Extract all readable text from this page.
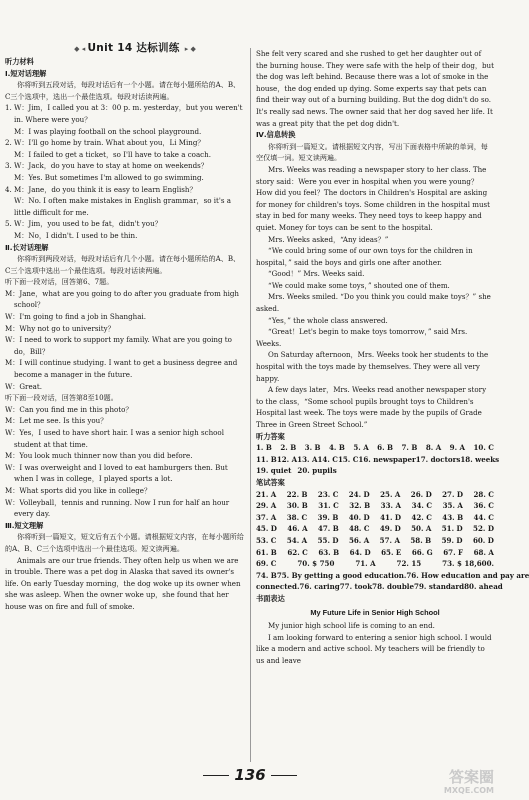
◆ ◂ Unit 14 达标训练 ▸ ◆

听力材料

Ⅰ.短对话理解

你将听到五段对话，每段对话后有一个小题。请在每小题所给的A、B、C三个选项中，选出一个最佳选项。每段对话读两遍。

1. W：Jim，I called you at 3：00 p. m. yesterday，but you weren't in. Where were you？

M：I was playing football on the school playground.

2. W：I'll go home by train. What about you，Li Ming？

M：I failed to get a ticket，so I'll have to take a coach.

3. W：Jack，do you have to stay at home on weekends？

M：Yes. But sometimes I'm allowed to go swimming.

4. M：Jane，do you think it is easy to learn English？

W：No. I often make mistakes in English grammar，so it's a little difficult for me.

5. W：Jim，you used to be fat，didn't you？

M：No，I didn't. I used to be thin.

Ⅱ.长对话理解

你将听到两段对话，每段对话后有几个小题。请在每小题所给的A、B、C三个选项中选出一个最佳选项。每段对话读两遍。

听下面一段对话，回答第6、7题。

M：Jane，what are you going to do after you graduate from high school？

W：I'm going to find a job in Shanghai.

M：Why not go to university？

W：I need to work to support my family. What are you going to do，Bill？

M：I will continue studying. I want to get a business degree and become a manager in the future.

W：Great.

听下面一段对话，回答第8至10题。

W：Can you find me in this photo？

M：Let me see. Is this you？

W：Yes，I used to have short hair. I was a senior high school student at that time.

M：You look much thinner now than you did before.

W：I was overweight and I loved to eat hamburgers then. But when I was in college，I played sports a lot.

M：What sports did you like in college？

W：Volleyball，tennis and running. Now I run for half an hour every day.

Ⅲ.短文理解

你将听到一篇短文，短文后有五个小题。请根据短文内容，在每小题所给的A、B、C三个选项中选出一个最佳选项。短文读两遍。

Animals are our true friends. They often help us when we are in trouble. There was a pet dog in Alaska that saved its owner's life. On early Tuesday morning，the dog woke up its owner when she was asleep. When the owner woke up，she found that her house was on fire and full of smoke.

She felt very scared and she rushed to get her daughter out of the burning house. They were safe with the help of their dog，but the dog was left behind. Because there was a lot of smoke in the house，the dog ended up dying. Some experts say that pets can find their way out of a burning building. But the dog didn't do so. It's really sad news. The owner said that her dog saved her life. It was a great pity that the pet dog didn't.

Ⅳ.信息转换

你将听到一篇短文。请根据短文内容，写出下面表格中所缺的单词，每空仅填一词。短文读两遍。

Mrs. Weeks was reading a newspaper story to her class. The story said：Were you ever in hospital when you were young？How did you feel？The doctors in Children's Hospital are asking for money for children's toys. Some children in the hospital must stay in bed for many weeks. They need toys to keep happy and quiet. Money for toys can be sent to the hospital.

Mrs. Weeks asked，“Any ideas？”

“We could bring some of our own toys for the children in hospital，” said the boys and girls one after another.

“Good！” Mrs. Weeks said.

“We could make some toys，” shouted one of them.

Mrs. Weeks smiled. “Do you think you could make toys？” she asked.

“Yes，” the whole class answered.

“Great！Let's begin to make toys tomorrow，” said Mrs. Weeks.

On Saturday afternoon，Mrs. Weeks took her students to the hospital with the toys made by themselves. They were all very happy.

A few days later，Mrs. Weeks read another newspaper story to the class，“Some school pupils brought toys to Children's Hospital last week. The toys were made by the pupils of Grade Three in Green Street School.”

听力答案

1. B 2. B 3. B 4. B 5. A 6. B 7. B 8. A 9. A 10. C
11. B 12. A 13. A 14. C 15. C 16. newspaper 17. doctors 18. weeks
19. quiet 20. pupils

笔试答案

21. A 22. B 23. C 24. D 25. A 26. D 27. D 28. C
29. A 30. B 31. C 32. B 33. A 34. C 35. A 36. C
37. A 38. C 39. B 40. D 41. D 42. C 43. B 44. C
45. D 46. A 47. B 48. C 49. D 50. A 51. D 52. D
53. C 54. A 55. D 56. A 57. A 58. B 59. D 60. D
61. B 62. C 63. B 64. D 65. E 66. G 67. F 68. A
69. C	70. $ 750	71. A	72. 15	73. $ 18,600.
74. B 75. By getting a good education. 76. How education and pay are
connected. 76. caring 77. took 78. double 79. standard 80. ahead

书面表达

My Future Life in Senior High School

My junior high school life is coming to an end.

I am looking forward to entering a senior high school. I would like a modern and active school. My teachers will be friendly to us and leave

136	答案圈
MXQE.COM
